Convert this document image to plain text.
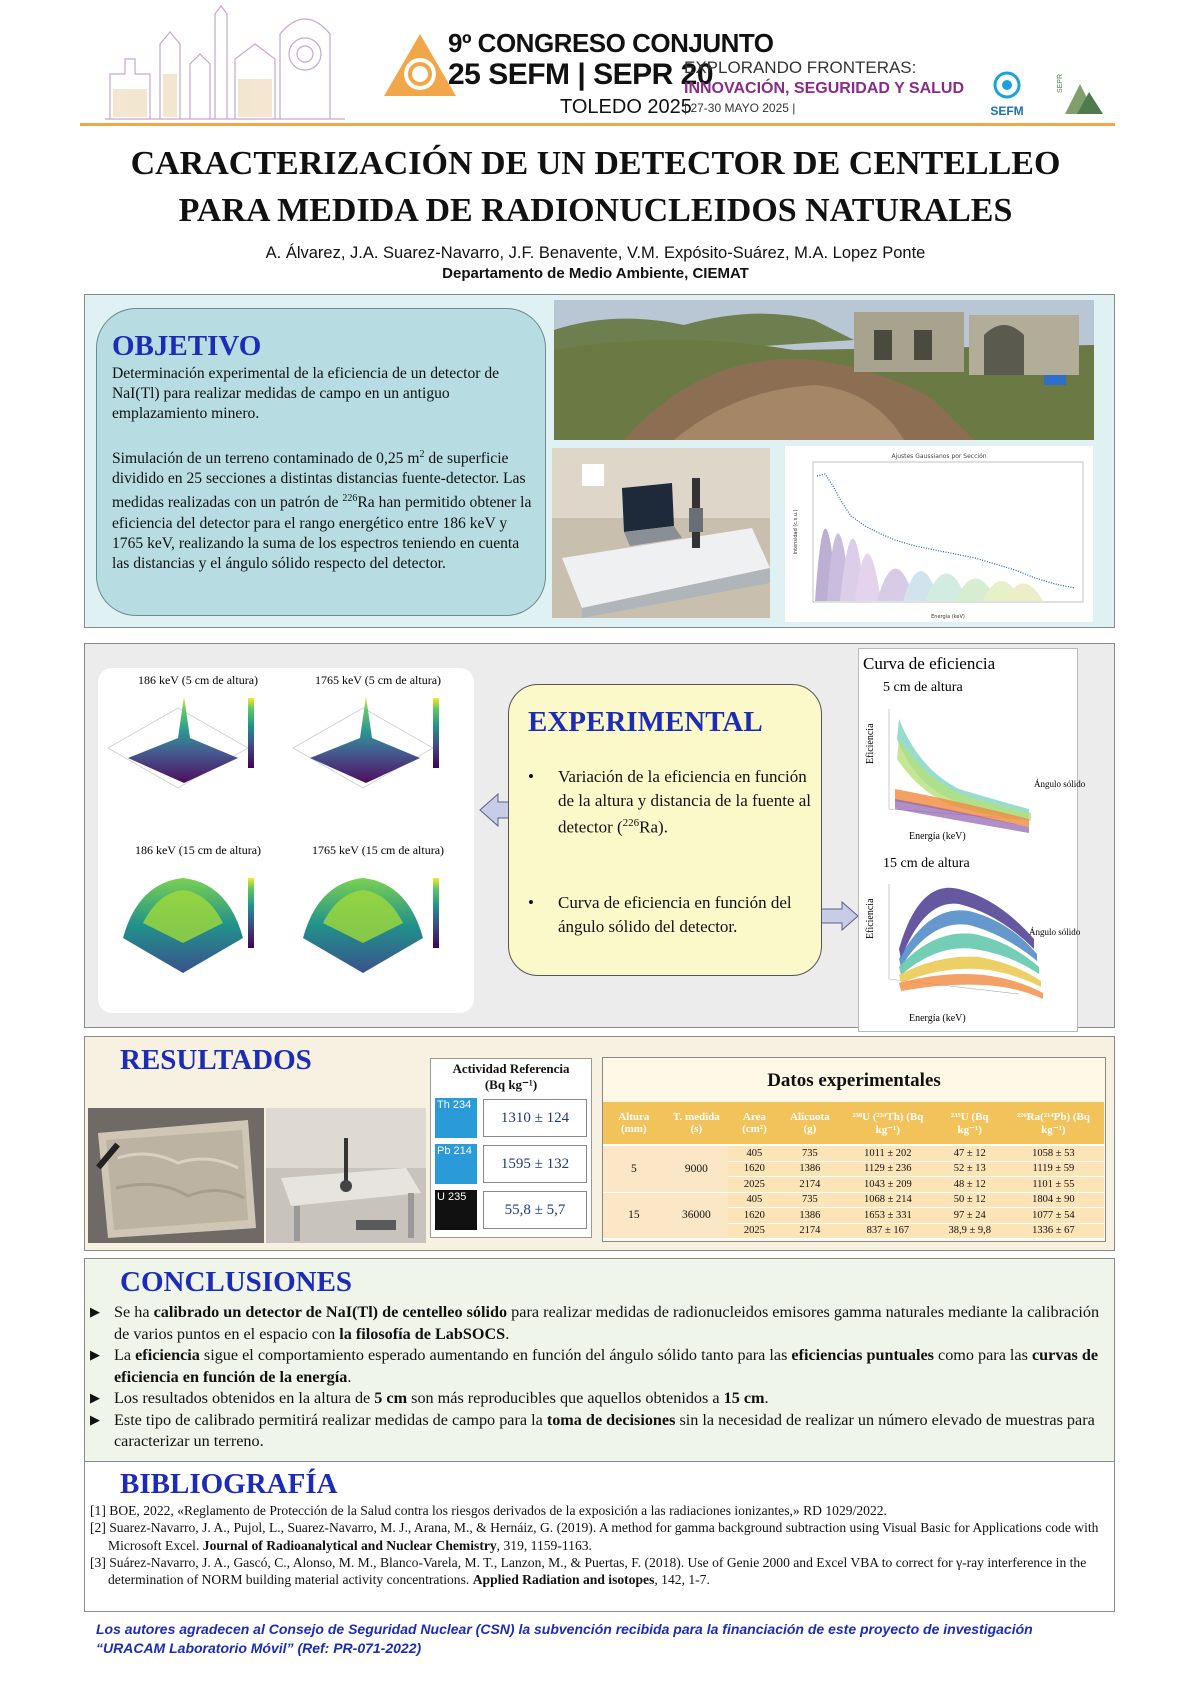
9º CONGRESO CONJUNTO
25 SEFM | SEPR 20
TOLEDO 2025
EXPLORANDO FRONTERAS:
INNOVACIÓN, SEGURIDAD Y SALUD
| 27-30 MAYO 2025 |	SEFM
SEPR
CARACTERIZACIÓN DE UN DETECTOR DE CENTELLEO
PARA MEDIDA DE RADIONUCLEIDOS NATURALES
A. Álvarez, J.A. Suarez-Navarro, J.F. Benavente, V.M. Expósito-Suárez, M.A. Lopez Ponte
Departamento de Medio Ambiente, CIEMAT
OBJETIVO
Determinación experimental de la eficiencia de un detector de NaI(Tl) para realizar medidas de campo en un antiguo emplazamiento minero.
Simulación de un terreno contaminado de 0,25 $m^2$ de superficie dividido en 25 secciones a distintas distancias fuente-detector. Las medidas realizadas con un patrón de $^{226}$Ra han permitido obtener la eficiencia del detector para el rango energético entre 186 keV y 1765 keV, realizando la suma de los espectros teniendo en cuenta las distancias y el ángulo sólido respecto del detector.
Ajustes Gaussianos por Sección
Energía (keV)
Intensidad (c.s.u.)
186 keV (5 cm de altura)	1765 keV (5 cm de altura)
186 keV (15 cm de altura)	1765 keV (15 cm de altura)
EXPERIMENTAL
• Variación de la eficiencia en función de la altura y distancia de la fuente al detector ($^{226}$Ra).
• Curva de eficiencia en función del ángulo sólido del detector.
Curva de eficiencia
5 cm de altura
Eficiencia
Energía (keV)
Ángulo sólido
15 cm de altura
Eficiencia
Energía (keV)
Ángulo sólido
RESULTADOS	Actividad Referencia
(Bq kg⁻¹)
Th 234
1310 ± 124
Pb 214
1595 ± 132
U 235
55,8 ± 5,7
Datos experimentales
Altura (mm)	T. medida (s)	Area (cm²)	Alícuota (g)	²³⁸U (²³⁴Th) (Bq kg⁻¹)	²³⁵U (Bq kg⁻¹)	²²⁶Ra(²¹⁴Pb) (Bq kg⁻¹)
5	9000	405	735	1011 ± 202	47 ± 12	1058 ± 53
		1620	1386	1129 ± 236	52 ± 13	1119 ± 59
		2025	2174	1043 ± 209	48 ± 12	1101 ± 55
15	36000	405	735	1068 ± 214	50 ± 12	1804 ± 90
		1620	1386	1653 ± 331	97 ± 24	1077 ± 54
		2025	2174	837 ± 167	38,9 ± 9,8	1336 ± 67
CONCLUSIONES
▶ Se ha calibrado un detector de NaI(Tl) de centelleo sólido para realizar medidas de radionucleidos emisores gamma naturales mediante la calibración de varios puntos en el espacio con la filosofía de LabSOCS.
▶ La eficiencia sigue el comportamiento esperado aumentando en función del ángulo sólido tanto para las eficiencias puntuales como para las curvas de eficiencia en función de la energía.
▶ Los resultados obtenidos en la altura de 5 cm son más reproducibles que aquellos obtenidos a 15 cm.
▶ Este tipo de calibrado permitirá realizar medidas de campo para la toma de decisiones sin la necesidad de realizar un número elevado de muestras para caracterizar un terreno.
BIBLIOGRAFÍA
[1] BOE, 2022, «Reglamento de Protección de la Salud contra los riesgos derivados de la exposición a las radiaciones ionizantes,» RD 1029/2022.
[2] Suarez-Navarro, J. A., Pujol, L., Suarez-Navarro, M. J., Arana, M., & Hernáiz, G. (2019). A method for gamma background subtraction using Visual Basic for Applications code with Microsoft Excel. Journal of Radioanalytical and Nuclear Chemistry, 319, 1159-1163.
[3] Suárez-Navarro, J. A., Gascó, C., Alonso, M. M., Blanco-Varela, M. T., Lanzon, M., & Puertas, F. (2018). Use of Genie 2000 and Excel VBA to correct for γ-ray interference in the determination of NORM building material activity concentrations. Applied Radiation and isotopes, 142, 1-7.
Los autores agradecen al Consejo de Seguridad Nuclear (CSN) la subvención recibida para la financiación de este proyecto de investigación “URACAM Laboratorio Móvil” (Ref: PR-071-2022)
